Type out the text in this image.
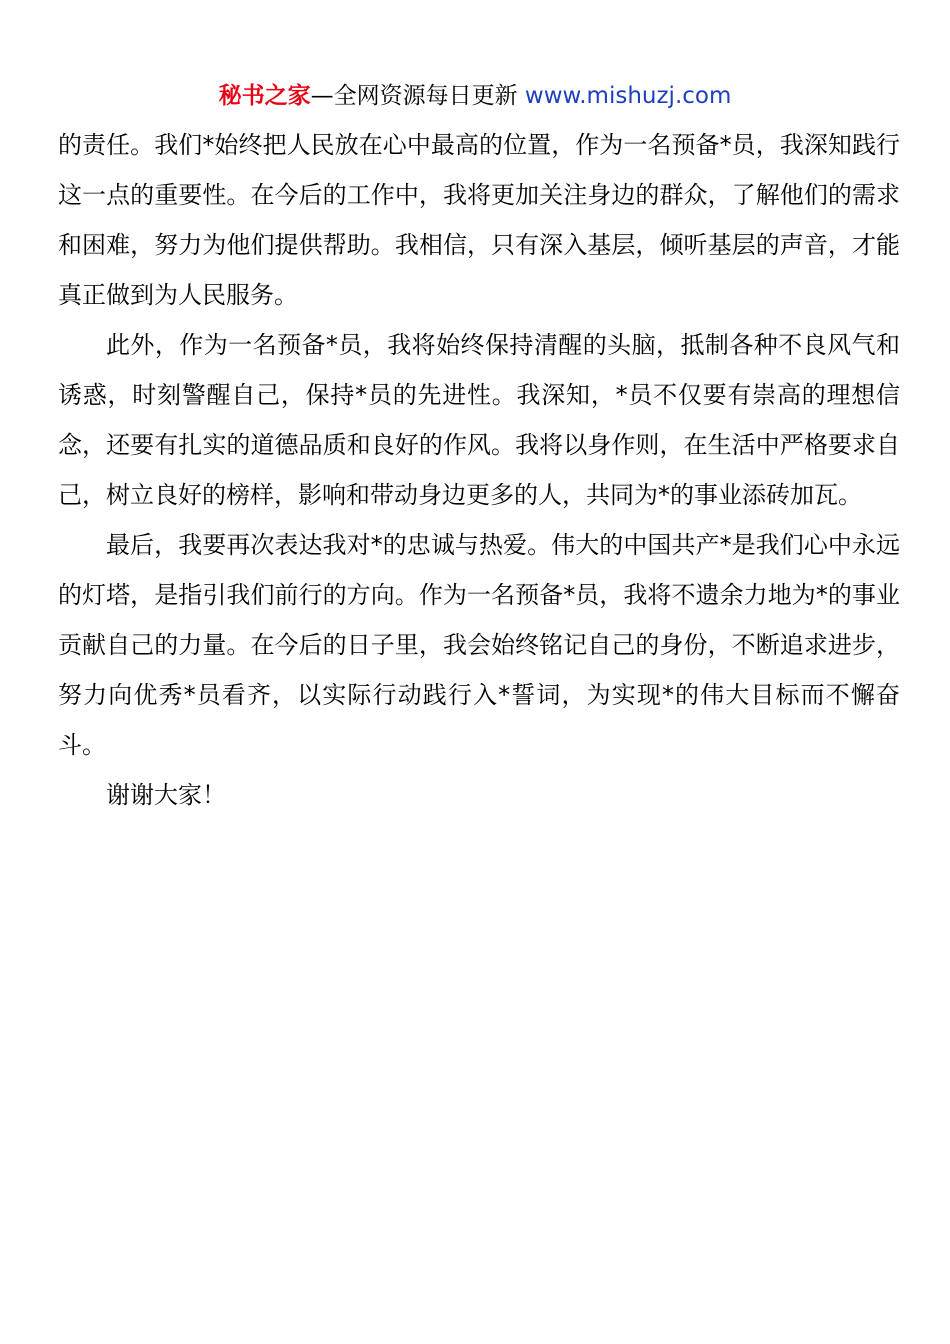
秘书之家—全网资源每日更新 www.mishuzj.com

的责任。我们*始终把人民放在心中最高的位置，作为一名预备*员，我深知践行这一点的重要性。在今后的工作中，我将更加关注身边的群众，了解他们的需求和困难，努力为他们提供帮助。我相信，只有深入基层，倾听基层的声音，才能真正做到为人民服务。

此外，作为一名预备*员，我将始终保持清醒的头脑，抵制各种不良风气和诱惑，时刻警醒自己，保持*员的先进性。我深知，*员不仅要有崇高的理想信念，还要有扎实的道德品质和良好的作风。我将以身作则，在生活中严格要求自己，树立良好的榜样，影响和带动身边更多的人，共同为*的事业添砖加瓦。

最后，我要再次表达我对*的忠诚与热爱。伟大的中国共产*是我们心中永远的灯塔，是指引我们前行的方向。作为一名预备*员，我将不遗余力地为*的事业贡献自己的力量。在今后的日子里，我会始终铭记自己的身份，不断追求进步，努力向优秀*员看齐，以实际行动践行入*誓词，为实现*的伟大目标而不懈奋斗。

谢谢大家！
